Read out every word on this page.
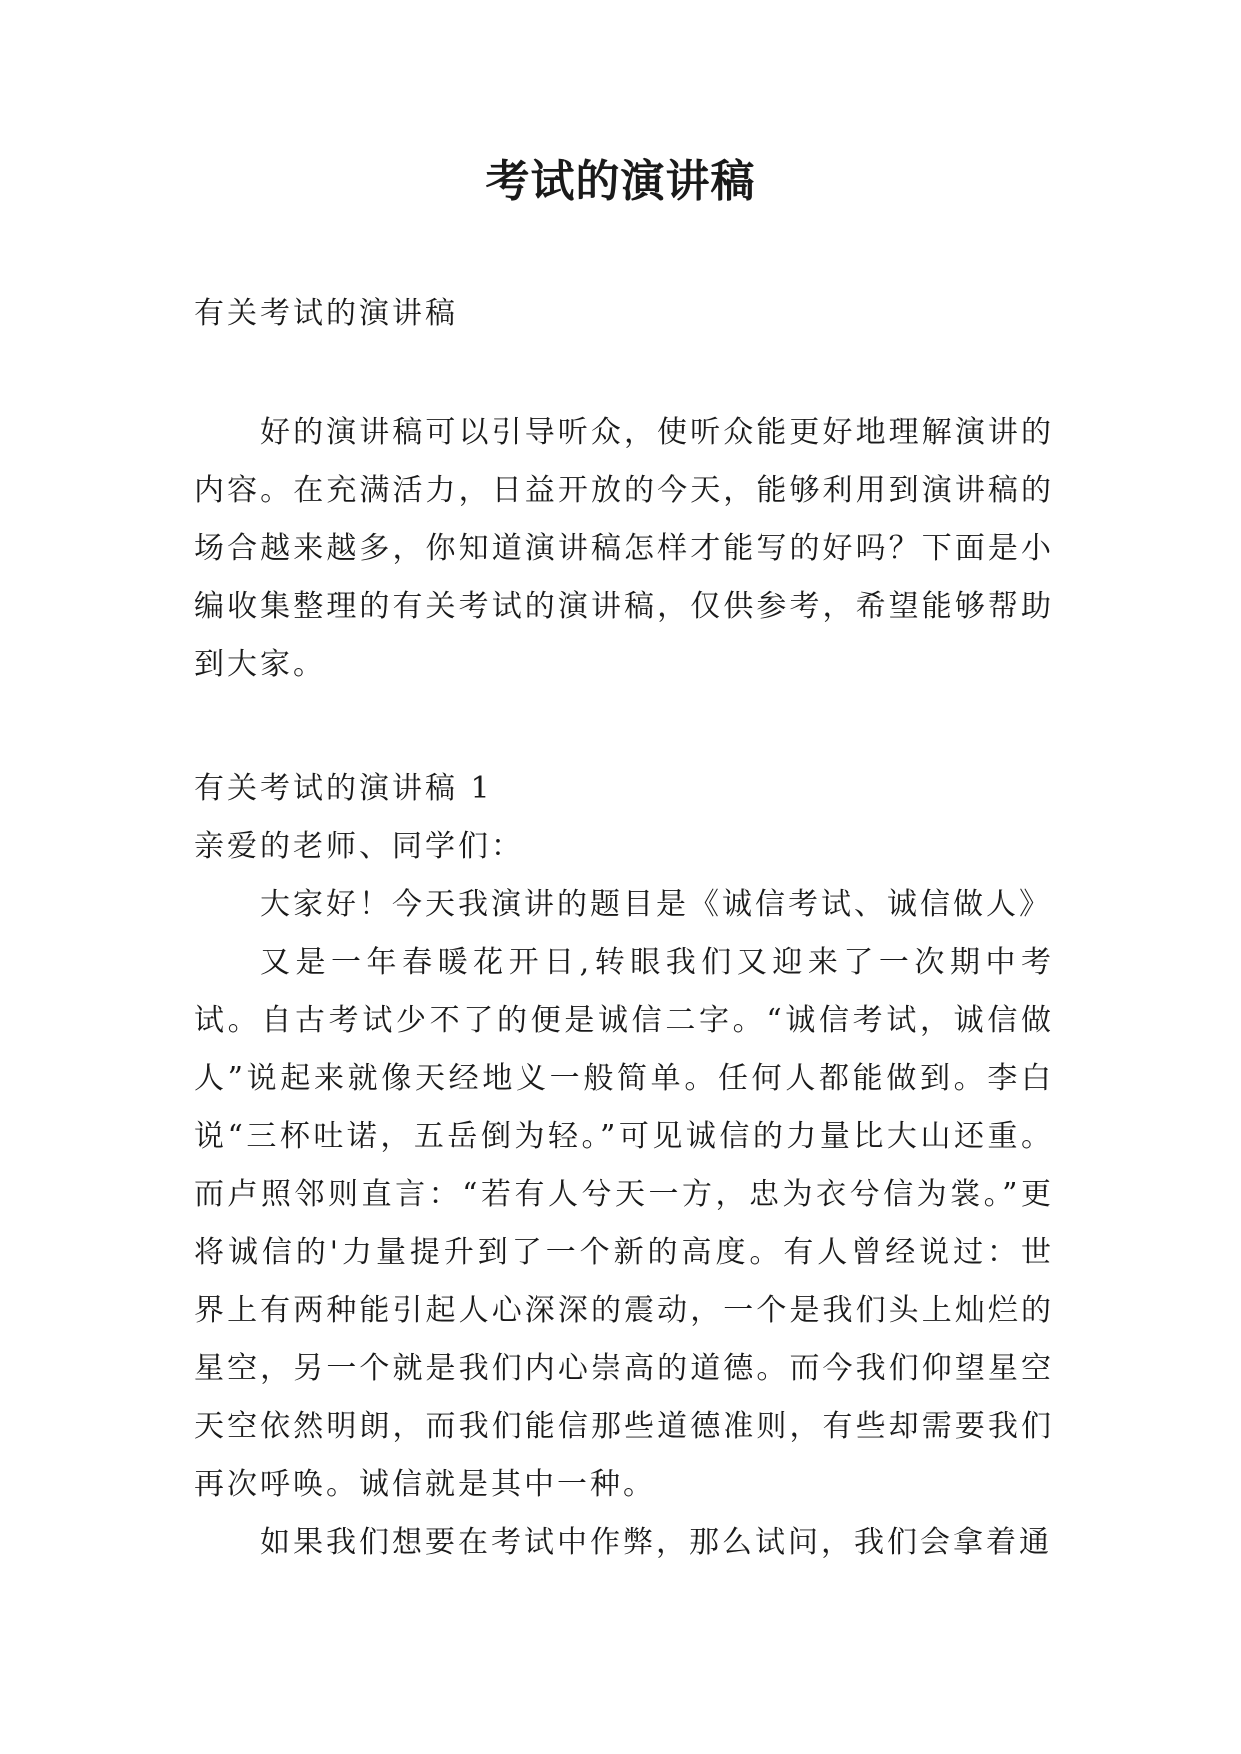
考试的演讲稿
有关考试的演讲稿

好的演讲稿可以引导听众，使听众能更好地理解演讲的内容。在充满活力，日益开放的今天，能够利用到演讲稿的场合越来越多，你知道演讲稿怎样才能写的好吗？下面是小编收集整理的有关考试的演讲稿，仅供参考，希望能够帮助到大家。

有关考试的演讲稿 1

亲爱的老师、同学们：

大家好！今天我演讲的题目是《诚信考试、诚信做人》

又是一年春暖花开日,转眼我们又迎来了一次期中考试。自古考试少不了的便是诚信二字。“诚信考试，诚信做人”说起来就像天经地义一般简单。任何人都能做到。李白说“三杯吐诺，五岳倒为轻。”可见诚信的力量比大山还重。而卢照邻则直言：“若有人兮天一方，忠为衣兮信为裳。”更将诚信的'力量提升到了一个新的高度。有人曾经说过：世界上有两种能引起人心深深的震动，一个是我们头上灿烂的星空，另一个就是我们内心崇高的道德。而今我们仰望星空天空依然明朗，而我们能信那些道德准则，有些却需要我们再次呼唤。诚信就是其中一种。

如果我们想要在考试中作弊，那么试问，我们会拿着通
